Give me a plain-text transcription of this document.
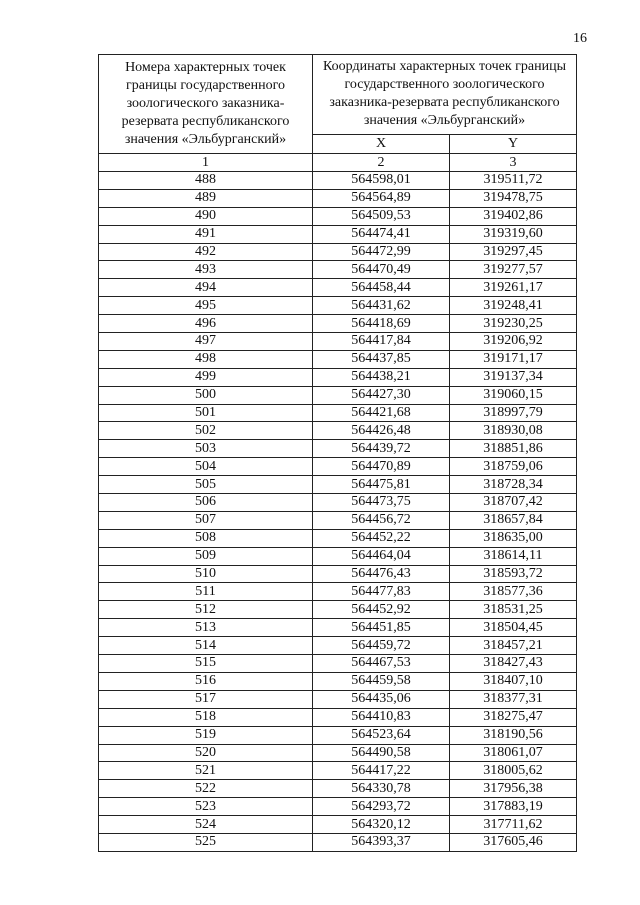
16
Номера характерных точек границы государственного зоологического заказника-резервата республиканского значения «Эльбурганский»	Координаты характерных точек границы государственного зоологического заказника-резервата республиканского значения «Эльбурганский»	
	X	Y
1	2	3
488	564598,01	319511,72
489	564564,89	319478,75
490	564509,53	319402,86
491	564474,41	319319,60
492	564472,99	319297,45
493	564470,49	319277,57
494	564458,44	319261,17
495	564431,62	319248,41
496	564418,69	319230,25
497	564417,84	319206,92
498	564437,85	319171,17
499	564438,21	319137,34
500	564427,30	319060,15
501	564421,68	318997,79
502	564426,48	318930,08
503	564439,72	318851,86
504	564470,89	318759,06
505	564475,81	318728,34
506	564473,75	318707,42
507	564456,72	318657,84
508	564452,22	318635,00
509	564464,04	318614,11
510	564476,43	318593,72
511	564477,83	318577,36
512	564452,92	318531,25
513	564451,85	318504,45
514	564459,72	318457,21
515	564467,53	318427,43
516	564459,58	318407,10
517	564435,06	318377,31
518	564410,83	318275,47
519	564523,64	318190,56
520	564490,58	318061,07
521	564417,22	318005,62
522	564330,78	317956,38
523	564293,72	317883,19
524	564320,12	317711,62
525	564393,37	317605,46
